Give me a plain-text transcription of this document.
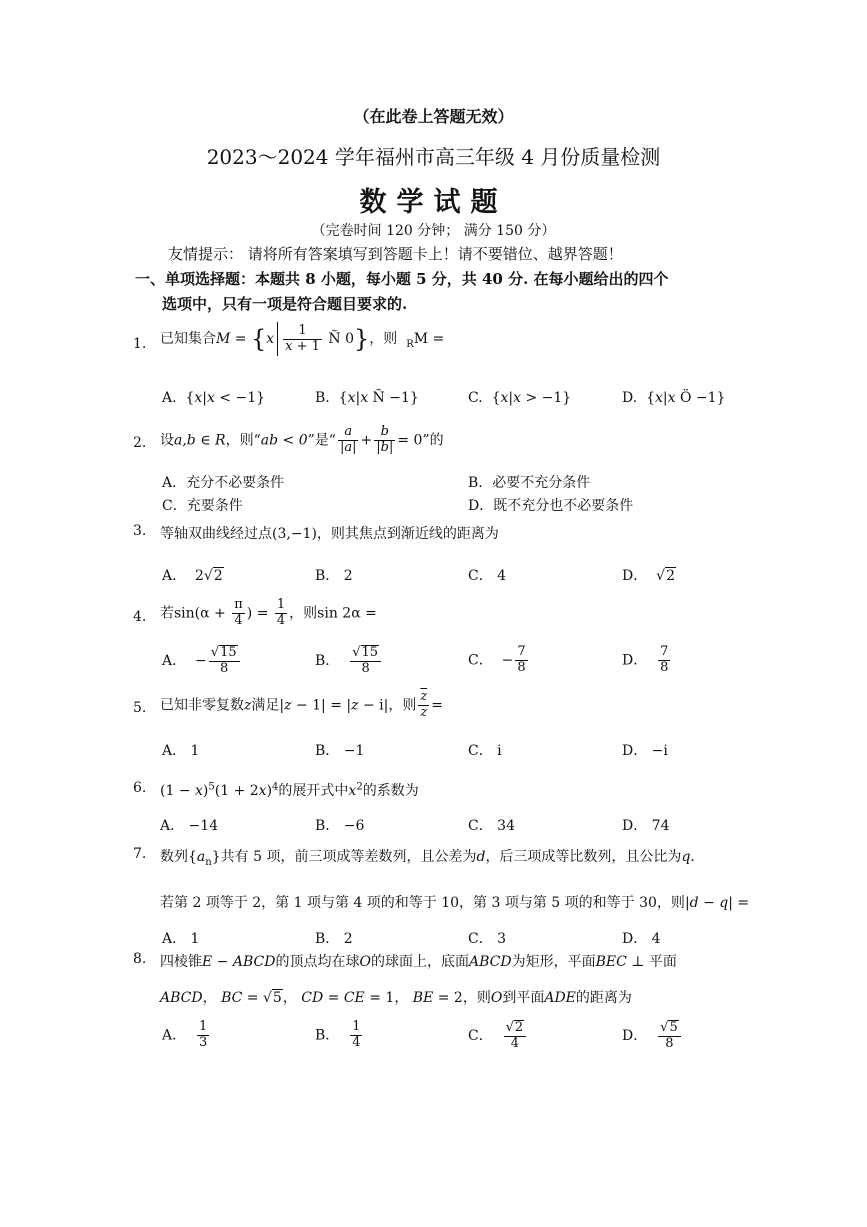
（在此卷上答题无效）
2023～2024 学年福州市高三年级 4 月份质量检测
数学试题
（完卷时间 120 分钟； 满分 150 分）
友情提示： 请将所有答案填写到答题卡上！请不要错位、越界答题！
一、单项选择题：本题共 8 小题，每小题 5 分，共 40 分. 在每小题给出的四个
选项中，只有一项是符合题目要求的.
1. 已知集合$M = \{x \frac{1}{x + 1}$ Ñ 0}，则 $_R$M =
A.  {x|x < −1}	B.  {x|x Ñ −1}	C.  {x|x > −1}	D.  {x|x Ö −1}
2. 设a,b ∈ R，则“ab < 0”是“ $\frac{a}{|a|} + \frac{b}{|b|} = 0$”的
A．充分不必要条件	B．必要不充分条件
C．充要条件	D．既不充分也不必要条件
3. 等轴双曲线经过点(3,−1)，则其焦点到渐近线的距离为
A．  2√2	B． 2	C． 4	D．  √2
4. 若$\sin(\alpha + \frac{\pi}{4}$ ) = $\frac{1}{4}$ ，则sin 2α =
A．  − $\frac{√15}{8}$	B． $\frac{√15}{8}$	C．  − $\frac{7}{8}$	D． $\frac{7}{8}$
5. 已知非零复数z满足|z − 1| = |z − i|，则 $\frac{\overline{z}}{z}$ =
A． 1	B． −1	C． i	D． −i
6. $(1 - x)^5(1 + 2x)^4$的展开式中$x^2$的系数为
A． −14	B． −6	C． 34	D． 74
7. 数列$\{a_n\}$共有 5 项，前三项成等差数列，且公差为d，后三项成等比数列，且公比为q.
若第 2 项等于 2，第 1 项与第 4 项的和等于 10，第 3 项与第 5 项的和等于 30，则|d − q| =
A． 1	B． 2	C． 3	D． 4
8. 四棱锥E − ABCD的顶点均在球O的球面上，底面ABCD为矩形，平面BEC ⊥ 平面
ABCD， BC = √5， CD = CE = 1， BE = 2，则O到平面ADE的距离为
A． $\frac{1}{3}$	B． $\frac{1}{4}$	C． $\frac{√2}{4}$	D． $\frac{√5}{8}$
